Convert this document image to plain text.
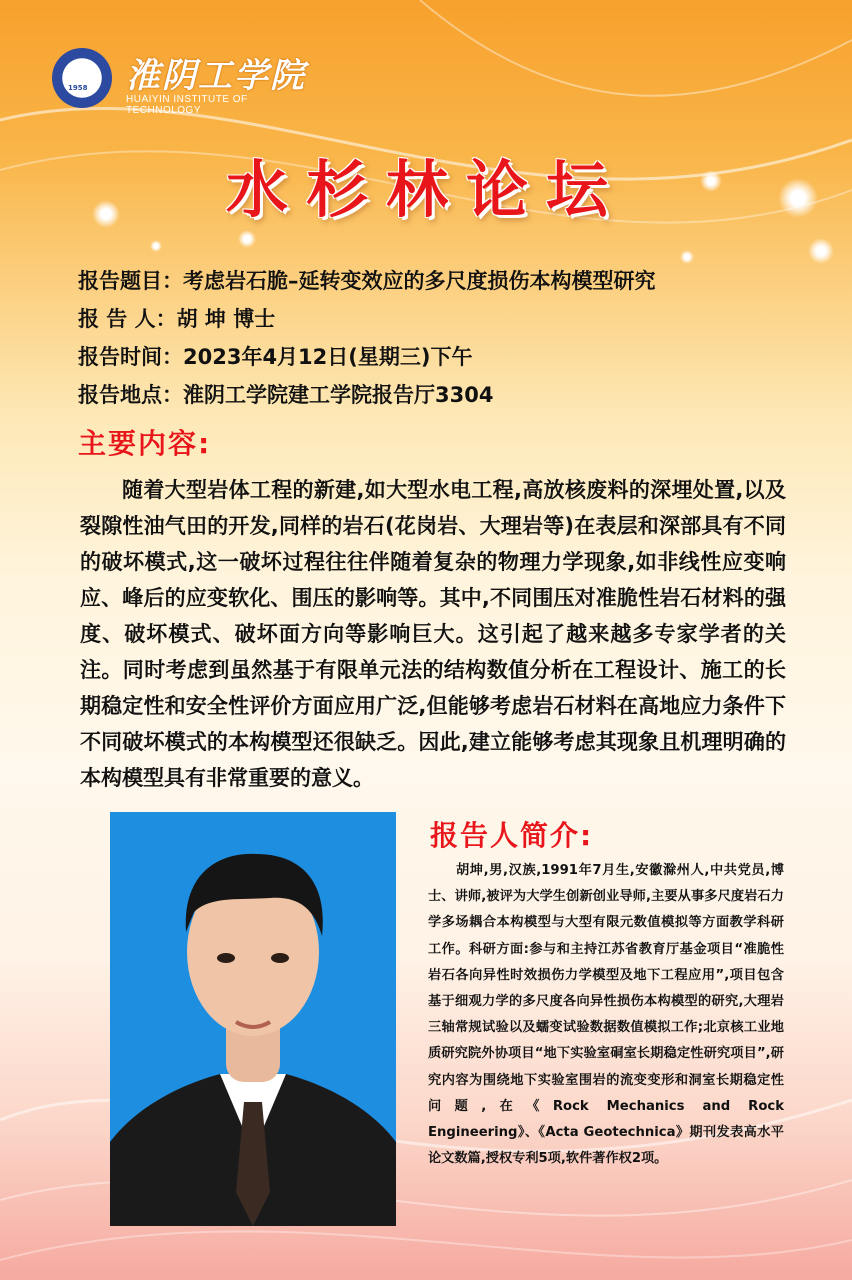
1958 淮阴工学院
HUAIYIN INSTITUTE OF TECHNOLOGY
水杉林论坛
报告题目：考虑岩石脆–延转变效应的多尺度损伤本构模型研究
报 告 人：胡 坤 博士
报告时间：2023年4月12日(星期三)下午
报告地点：淮阴工学院建工学院报告厅3304
主要内容:
随着大型岩体工程的新建,如大型水电工程,高放核废料的深埋处置,以及裂隙性油气田的开发,同样的岩石(花岗岩、大理岩等)在表层和深部具有不同的破坏模式,这一破坏过程往往伴随着复杂的物理力学现象,如非线性应变响应、峰后的应变软化、围压的影响等。其中,不同围压对准脆性岩石材料的强度、破坏模式、破坏面方向等影响巨大。这引起了越来越多专家学者的关注。同时考虑到虽然基于有限单元法的结构数值分析在工程设计、施工的长期稳定性和安全性评价方面应用广泛,但能够考虑岩石材料在高地应力条件下不同破坏模式的本构模型还很缺乏。因此,建立能够考虑其现象且机理明确的本构模型具有非常重要的意义。
报告人简介:
胡坤,男,汉族,1991年7月生,安徽滁州人,中共党员,博士、讲师,被评为大学生创新创业导师,主要从事多尺度岩石力学多场耦合本构模型与大型有限元数值模拟等方面教学科研工作。科研方面:参与和主持江苏省教育厅基金项目“准脆性岩石各向异性时效损伤力学模型及地下工程应用”,项目包含基于细观力学的多尺度各向异性损伤本构模型的研究,大理岩三轴常规试验以及蠕变试验数据数值模拟工作;北京核工业地质研究院外协项目“地下实验室硐室长期稳定性研究项目”,研究内容为围绕地下实验室围岩的流变变形和洞室长期稳定性问题,在《Rock Mechanics and Rock Engineering》、《Acta Geotechnica》期刊发表高水平论文数篇,授权专利5项,软件著作权2项。
